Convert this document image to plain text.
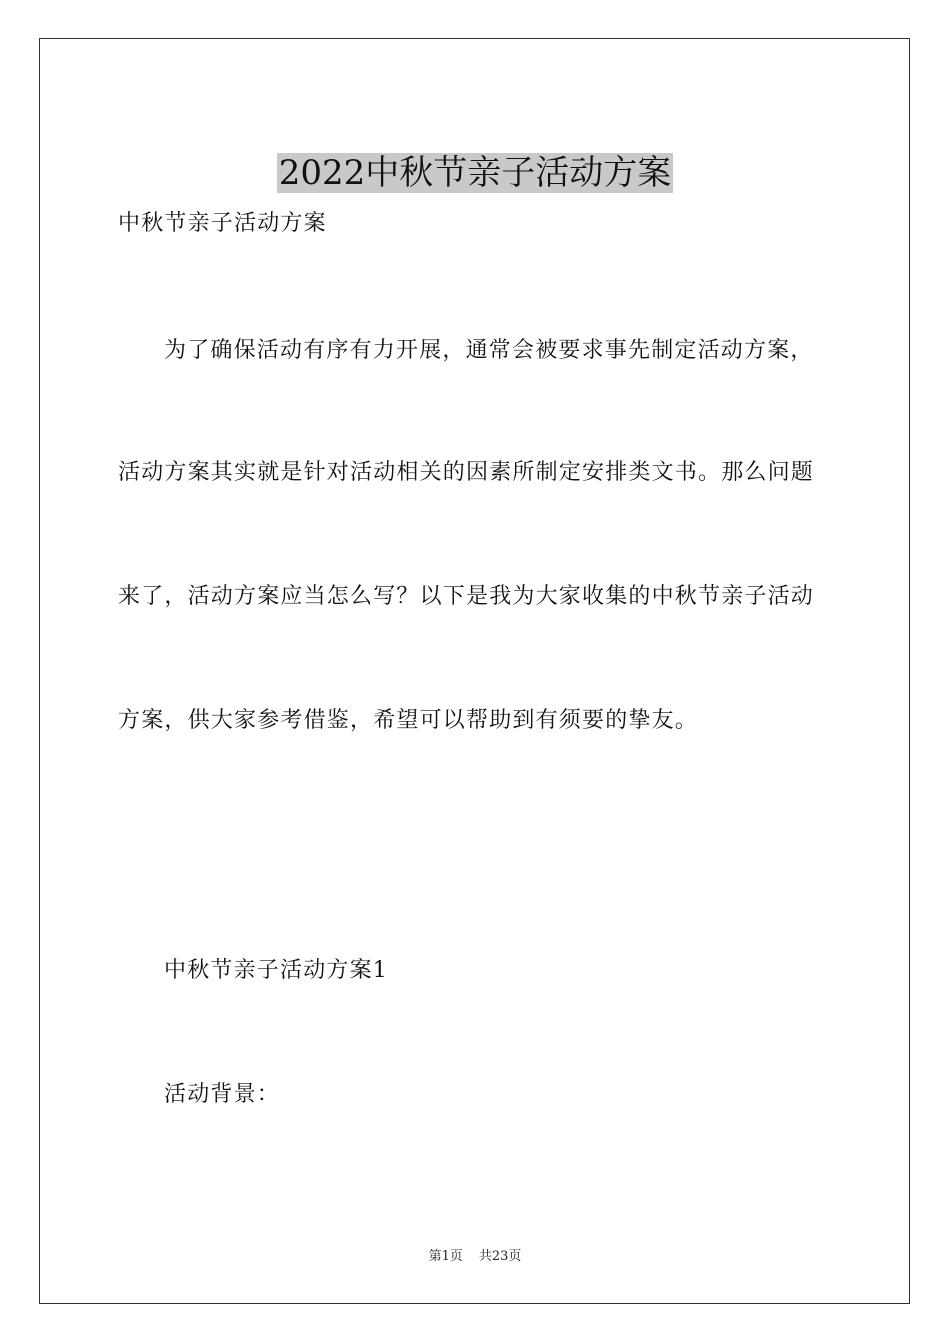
2022中秋节亲子活动方案
中秋节亲子活动方案
为了确保活动有序有力开展，通常会被要求事先制定活动方案，
活动方案其实就是针对活动相关的因素所制定安排类文书。那么问题
来了，活动方案应当怎么写？以下是我为大家收集的中秋节亲子活动
方案，供大家参考借鉴，希望可以帮助到有须要的挚友。
中秋节亲子活动方案1
活动背景：
第1页 共23页
